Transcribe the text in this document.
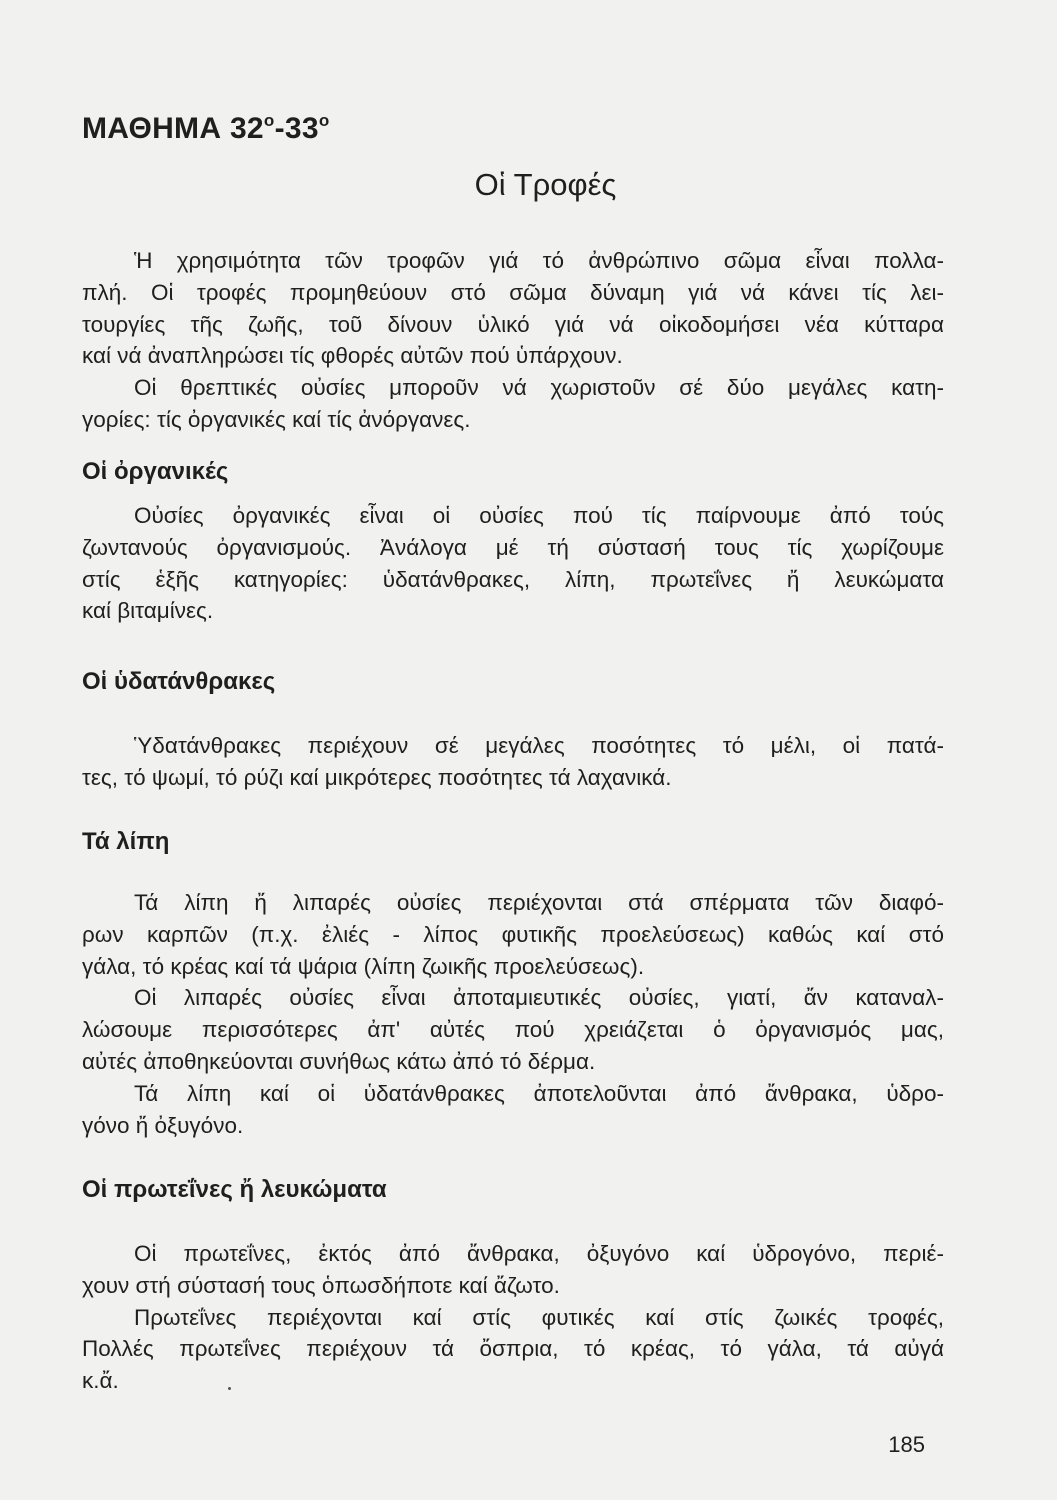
ΜΑΘΗΜΑ $32^o-33^o$
Οἱ Τροφές
Ἡ χρησιμότητα τῶν τροφῶν γιά τό ἀνθρώπινο σῶμα εἶναι πολλα-
πλή. Οἱ τροφές προμηθεύουν στό σῶμα δύναμη γιά νά κάνει τίς λει-
τουργίες τῆς ζωῆς, τοῦ δίνουν ὑλικό γιά νά οἰκοδομήσει νέα κύτταρα
καί νά ἀναπληρώσει τίς φθορές αὐτῶν πού ὑπάρχουν.
Οἱ θρεπτικές οὐσίες μποροῦν νά χωριστοῦν σέ δύο μεγάλες κατη-
γορίες: τίς ὀργανικές καί τίς ἀνόργανες.
Οἱ ὀργανικές
Οὐσίες ὀργανικές εἶναι οἱ οὐσίες πού τίς παίρνουμε ἀπό τούς
ζωντανούς ὀργανισμούς. Ἀνάλογα μέ τή σύστασή τους τίς χωρίζουμε
στίς ἑξῆς κατηγορίες: ὑδατάνθρακες, λίπη, πρωτεΐνες ἤ λευκώματα
καί βιταμίνες.
Οἱ ὑδατάνθρακες
Ὑδατάνθρακες περιέχουν σέ μεγάλες ποσότητες τό μέλι, οἱ πατά-
τες, τό ψωμί, τό ρύζι καί μικρότερες ποσότητες τά λαχανικά.
Τά λίπη
Τά λίπη ἤ λιπαρές οὐσίες περιέχονται στά σπέρματα τῶν διαφό-
ρων καρπῶν (π.χ. ἐλιές - λίπος φυτικῆς προελεύσεως) καθώς καί στό
γάλα, τό κρέας καί τά ψάρια (λίπη ζωικῆς προελεύσεως).
Οἱ λιπαρές οὐσίες εἶναι ἀποταμιευτικές οὐσίες, γιατί, ἄν καταναλ-
λώσουμε περισσότερες ἀπ' αὐτές πού χρειάζεται ὁ ὀργανισμός μας,
αὐτές ἀποθηκεύονται συνήθως κάτω ἀπό τό δέρμα.
Τά λίπη καί οἱ ὑδατάνθρακες ἀποτελοῦνται ἀπό ἄνθρακα, ὑδρο-
γόνο ἤ ὀξυγόνο.
Οἱ πρωτεΐνες ἤ λευκώματα
Οἱ πρωτεΐνες, ἐκτός ἀπό ἄνθρακα, ὀξυγόνο καί ὑδρογόνο, περιέ-
χουν στή σύστασή τους ὁπωσδήποτε καί ἄζωτο.
Πρωτεΐνες περιέχονται καί στίς φυτικές καί στίς ζωικές τροφές,
Πολλές πρωτεΐνες περιέχουν τά ὄσπρια, τό κρέας, τό γάλα, τά αὐγά
κ.ἄ.

185
